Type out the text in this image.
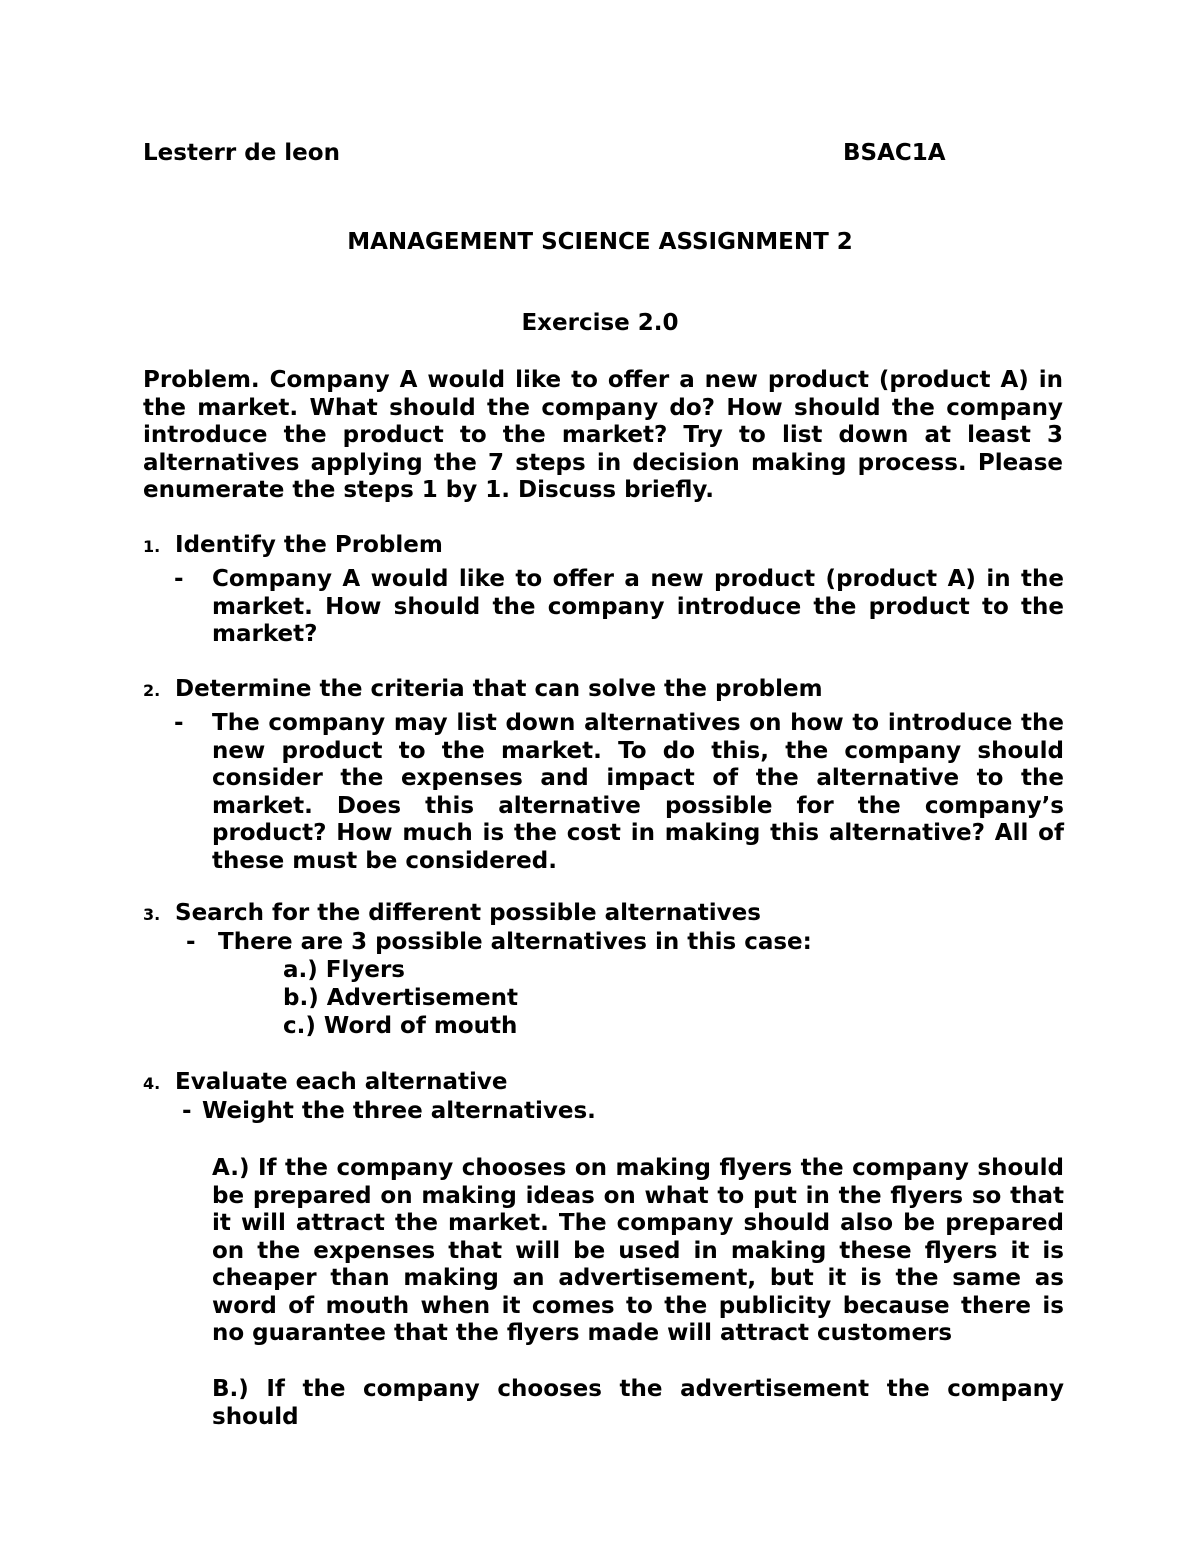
Lesterr de leon	BSAC1A
MANAGEMENT SCIENCE ASSIGNMENT 2
Exercise 2.0
Problem. Company A would like to offer a new product (product A) in the market. What should the company do? How should the company introduce the product to the market? Try to list down at least 3 alternatives applying the 7 steps in decision making process. Please enumerate the steps 1 by 1. Discuss briefly.
1. Identify the Problem
- Company A would like to offer a new product (product A) in the market. How should the company introduce the product to the market?
2. Determine the criteria that can solve the problem
- The company may list down alternatives on how to introduce the new product to the market. To do this, the company should consider the expenses and impact of the alternative to the market. Does this alternative possible for the company’s product? How much is the cost in making this alternative? All of these must be considered.
3. Search for the different possible alternatives
- There are 3 possible alternatives in this case:
a.) Flyers
b.) Advertisement
c.) Word of mouth
4. Evaluate each alternative
- Weight the three alternatives.
A.) If the company chooses on making flyers the company should be prepared on making ideas on what to put in the flyers so that it will attract the market. The company should also be prepared on the expenses that will be used in making these flyers it is cheaper than making an advertisement, but it is the same as word of mouth when it comes to the publicity because there is no guarantee that the flyers made will attract customers
B.) If the company chooses the advertisement the company should
